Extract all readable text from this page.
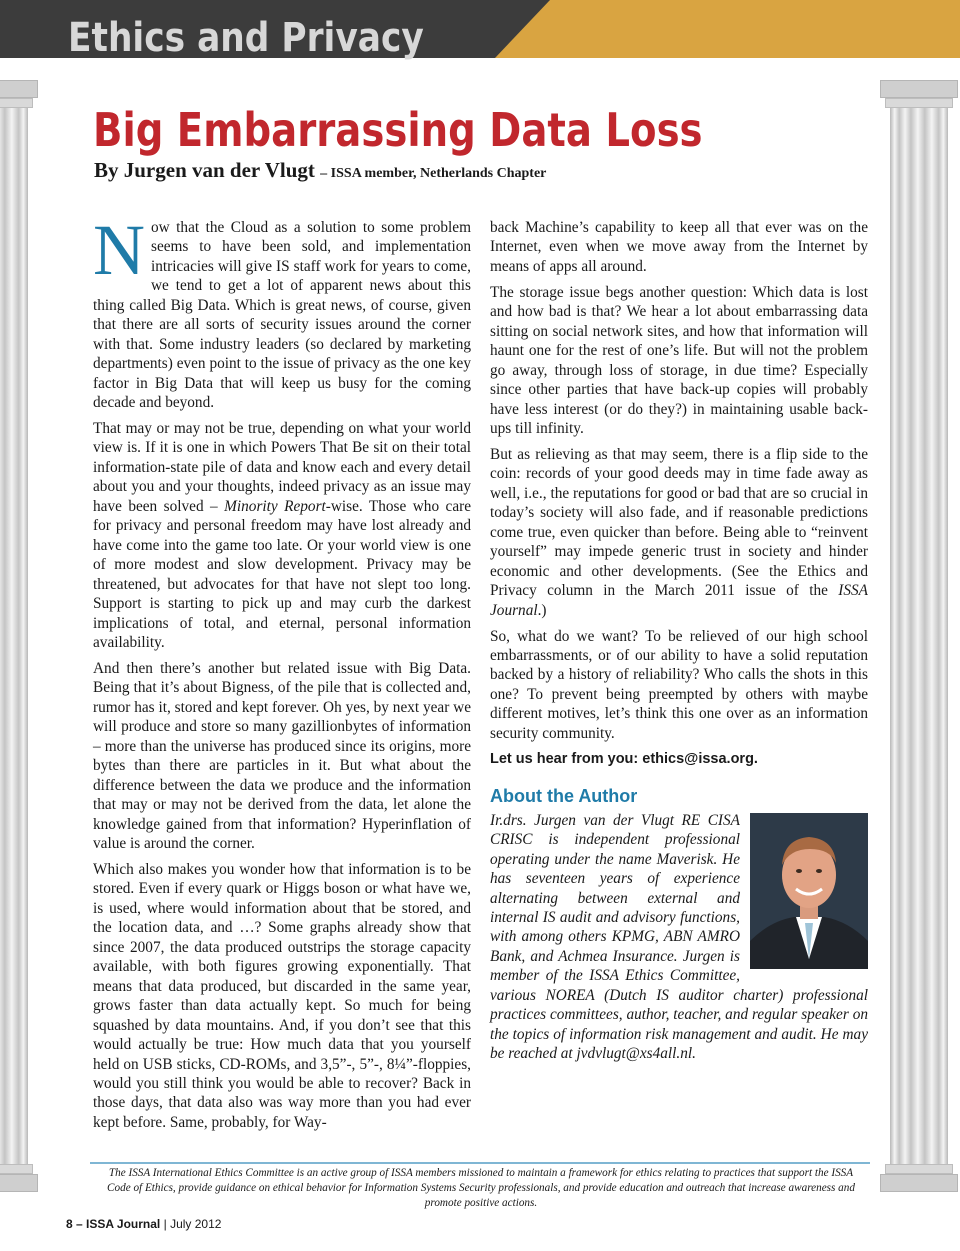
Ethics and Privacy
Big Embarrassing Data Loss
By Jurgen van der Vlugt – ISSA member, Netherlands Chapter

Now that the Cloud as a solution to some problem seems to have been sold, and implementation intricacies will give IS staff work for years to come, we tend to get a lot of apparent news about this thing called Big Data. Which is great news, of course, given that there are all sorts of security issues around the corner with that. Some industry leaders (so declared by marketing departments) even point to the issue of privacy as the one key factor in Big Data that will keep us busy for the coming decade and beyond.

That may or may not be true, depending on what your world view is. If it is one in which Powers That Be sit on their total information-state pile of data and know each and every detail about you and your thoughts, indeed privacy as an issue may have been solved – Minority Report-wise. Those who care for privacy and personal freedom may have lost already and have come into the game too late. Or your world view is one of more modest and slow development. Privacy may be threatened, but advocates for that have not slept too long. Support is starting to pick up and may curb the darkest implications of total, and eternal, personal information availability.

And then there’s another but related issue with Big Data. Being that it’s about Bigness, of the pile that is collected and, rumor has it, stored and kept forever. Oh yes, by next year we will produce and store so many gazillionbytes of information – more than the universe has produced since its origins, more bytes than there are particles in it. But what about the difference between the data we produce and the information that may or may not be derived from the data, let alone the knowledge gained from that information? Hyperinflation of value is around the corner.

Which also makes you wonder how that information is to be stored. Even if every quark or Higgs boson or what have we, is used, where would information about that be stored, and the location data, and …? Some graphs already show that since 2007, the data produced outstrips the storage capacity available, with both figures growing exponentially. That means that data produced, but discarded in the same year, grows faster than data actually kept. So much for being squashed by data mountains. And, if you don’t see that this would actually be true: How much data that you yourself held on USB sticks, CD-ROMs, and 3,5”-, 5”-, 8¼”-floppies, would you still think you would be able to recover? Back in those days, that data also was way more than you had ever kept before. Same, probably, for Way-

back Machine’s capability to keep all that ever was on the Internet, even when we move away from the Internet by means of apps all around.

The storage issue begs another question: Which data is lost and how bad is that? We hear a lot about embarrassing data sitting on social network sites, and how that information will haunt one for the rest of one’s life. But will not the problem go away, through loss of storage, in due time? Especially since other parties that have back-up copies will probably have less interest (or do they?) in maintaining usable back-ups till infinity.

But as relieving as that may seem, there is a flip side to the coin: records of your good deeds may in time fade away as well, i.e., the reputations for good or bad that are so crucial in today’s society will also fade, and if reasonable predictions come true, even quicker than before. Being able to “reinvent yourself” may impede generic trust in society and hinder economic and other developments. (See the Ethics and Privacy column in the March 2011 issue of the ISSA Journal.)

So, what do we want? To be relieved of our high school embarrassments, or of our ability to have a solid reputation backed by a history of reliability? Who calls the shots in this one? To prevent being preempted by others with maybe different motives, let’s think this one over as an information security community.

Let us hear from you: ethics@issa.org.

About the Author

Ir.drs. Jurgen van der Vlugt RE CISA CRISC is independent professional operating under the name Maverisk. He has seventeen years of experience alternating between external and internal IS audit and advisory functions, with among others KPMG, ABN AMRO Bank, and Achmea Insurance. Jurgen is member of the ISSA Ethics Committee, various NOREA (Dutch IS auditor charter) professional practices committees, author, teacher, and regular speaker on the topics of information risk management and audit. He may be reached at jvdvlugt@xs4all.nl.

The ISSA International Ethics Committee is an active group of ISSA members missioned to maintain a framework for ethics relating to practices that support the ISSA Code of Ethics, provide guidance on ethical behavior for Information Systems Security professionals, and provide education and outreach that increase awareness and promote positive actions.
8 – ISSA Journal | July 2012
